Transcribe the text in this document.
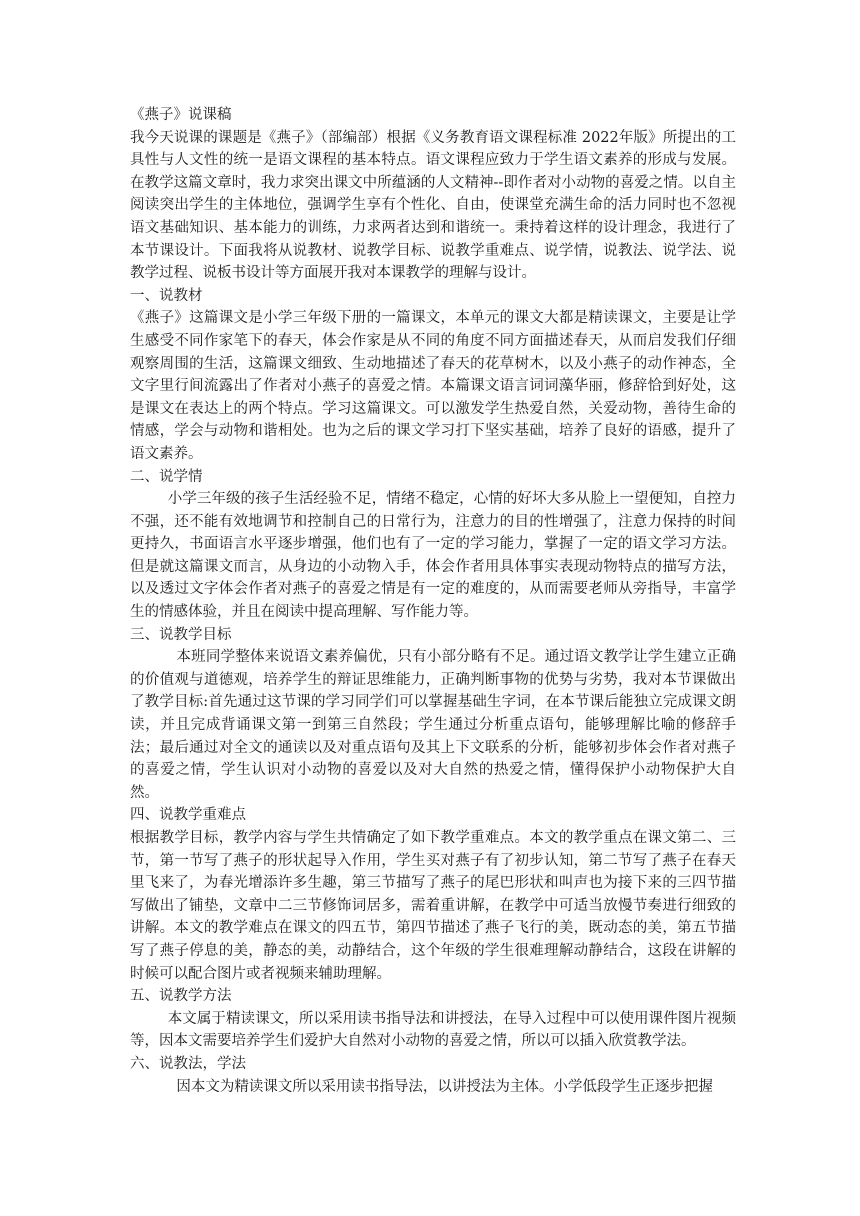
《燕子》说课稿

我今天说课的课题是《燕子》（部编部）根据《义务教育语文课程标准 2022年版》所提出的工具性与人文性的统一是语文课程的基本特点。语文课程应致力于学生语文素养的形成与发展。在教学这篇文章时，我力求突出课文中所蕴涵的人文精神--即作者对小动物的喜爱之情。以自主阅读突出学生的主体地位，强调学生享有个性化、自由，使课堂充满生命的活力同时也不忽视语文基础知识、基本能力的训练，力求两者达到和谐统一。秉持着这样的设计理念，我进行了本节课设计。下面我将从说教材、说教学目标、说教学重难点、说学情，说教法、说学法、说教学过程、说板书设计等方面展开我对本课教学的理解与设计。

一、说教材

《燕子》这篇课文是小学三年级下册的一篇课文，本单元的课文大都是精读课文，主要是让学生感受不同作家笔下的春天，体会作家是从不同的角度不同方面描述春天，从而启发我们仔细观察周围的生活，这篇课文细致、生动地描述了春天的花草树木，以及小燕子的动作神态，全文字里行间流露出了作者对小燕子的喜爱之情。本篇课文语言词词藻华丽，修辞恰到好处，这是课文在表达上的两个特点。学习这篇课文。可以激发学生热爱自然，关爱动物，善待生命的情感，学会与动物和谐相处。也为之后的课文学习打下坚实基础，培养了良好的语感，提升了语文素养。

二、说学情

小学三年级的孩子生活经验不足，情绪不稳定，心情的好坏大多从脸上一望便知，自控力不强，还不能有效地调节和控制自己的日常行为，注意力的目的性增强了，注意力保持的时间更持久，书面语言水平逐步增强，他们也有了一定的学习能力，掌握了一定的语文学习方法。但是就这篇课文而言，从身边的小动物入手，体会作者用具体事实表现动物特点的描写方法，以及透过文字体会作者对燕子的喜爱之情是有一定的难度的，从而需要老师从旁指导，丰富学生的情感体验，并且在阅读中提高理解、写作能力等。

三、说教学目标

本班同学整体来说语文素养偏优，只有小部分略有不足。通过语文教学让学生建立正确的价值观与道德观，培养学生的辩证思维能力，正确判断事物的优势与劣势，我对本节课做出了教学目标:首先通过这节课的学习同学们可以掌握基础生字词，在本节课后能独立完成课文朗读，并且完成背诵课文第一到第三自然段；学生通过分析重点语句，能够理解比喻的修辞手法；最后通过对全文的通读以及对重点语句及其上下文联系的分析，能够初步体会作者对燕子的喜爱之情，学生认识对小动物的喜爱以及对大自然的热爱之情，懂得保护小动物保护大自然。

四、说教学重难点

根据教学目标，教学内容与学生共情确定了如下教学重难点。本文的教学重点在课文第二、三节，第一节写了燕子的形状起导入作用，学生买对燕子有了初步认知，第二节写了燕子在春天里飞来了，为春光增添许多生趣，第三节描写了燕子的尾巴形状和叫声也为接下来的三四节描写做出了铺垫，文章中二三节修饰词居多，需着重讲解，在教学中可适当放慢节奏进行细致的讲解。本文的教学难点在课文的四五节，第四节描述了燕子飞行的美，既动态的美，第五节描写了燕子停息的美，静态的美，动静结合，这个年级的学生很难理解动静结合，这段在讲解的时候可以配合图片或者视频来辅助理解。

五、说教学方法

本文属于精读课文，所以采用读书指导法和讲授法，在导入过程中可以使用课件图片视频等，因本文需要培养学生们爱护大自然对小动物的喜爱之情，所以可以插入欣赏教学法。

六、说教法，学法

因本文为精读课文所以采用读书指导法，以讲授法为主体。小学低段学生正逐步把握
